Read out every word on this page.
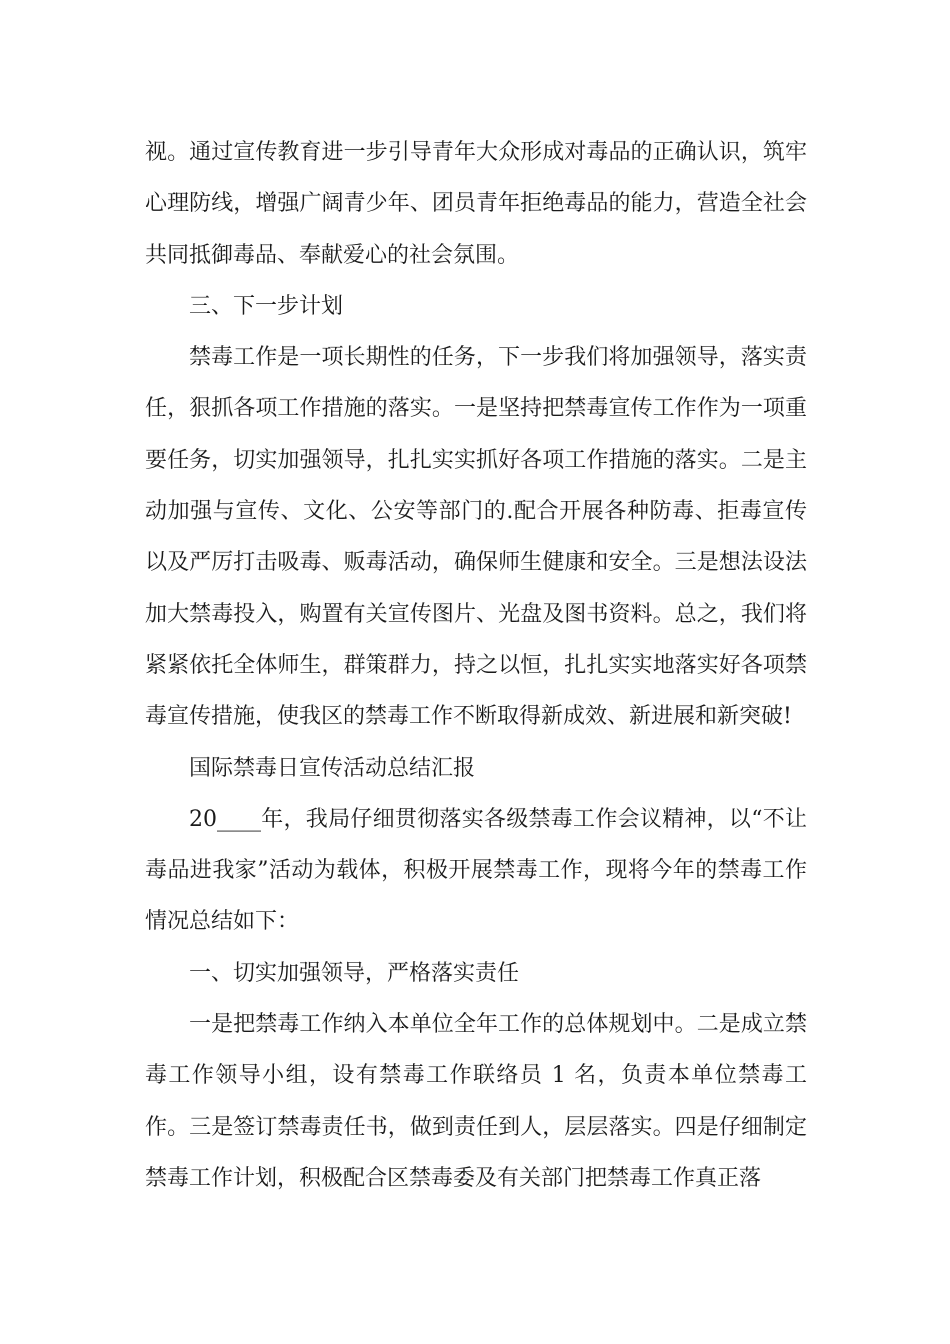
视。通过宣传教育进一步引导青年大众形成对毒品的正确认识，筑牢心理防线，增强广阔青少年、团员青年拒绝毒品的能力，营造全社会共同抵御毒品、奉献爱心的社会氛围。

三、下一步计划

禁毒工作是一项长期性的任务，下一步我们将加强领导，落实责任，狠抓各项工作措施的落实。一是坚持把禁毒宣传工作作为一项重要任务，切实加强领导，扎扎实实抓好各项工作措施的落实。二是主动加强与宣传、文化、公安等部门的.配合开展各种防毒、拒毒宣传以及严厉打击吸毒、贩毒活动，确保师生健康和安全。三是想法设法加大禁毒投入，购置有关宣传图片、光盘及图书资料。总之，我们将紧紧依托全体师生，群策群力，持之以恒，扎扎实实地落实好各项禁毒宣传措施，使我区的禁毒工作不断取得新成效、新进展和新突破!

国际禁毒日宣传活动总结汇报

20____年，我局仔细贯彻落实各级禁毒工作会议精神，以“不让毒品进我家”活动为载体，积极开展禁毒工作，现将今年的禁毒工作情况总结如下：

一、切实加强领导，严格落实责任

一是把禁毒工作纳入本单位全年工作的总体规划中。二是成立禁毒工作领导小组，设有禁毒工作联络员 1 名，负责本单位禁毒工作。三是签订禁毒责任书，做到责任到人，层层落实。四是仔细制定禁毒工作计划，积极配合区禁毒委及有关部门把禁毒工作真正落
